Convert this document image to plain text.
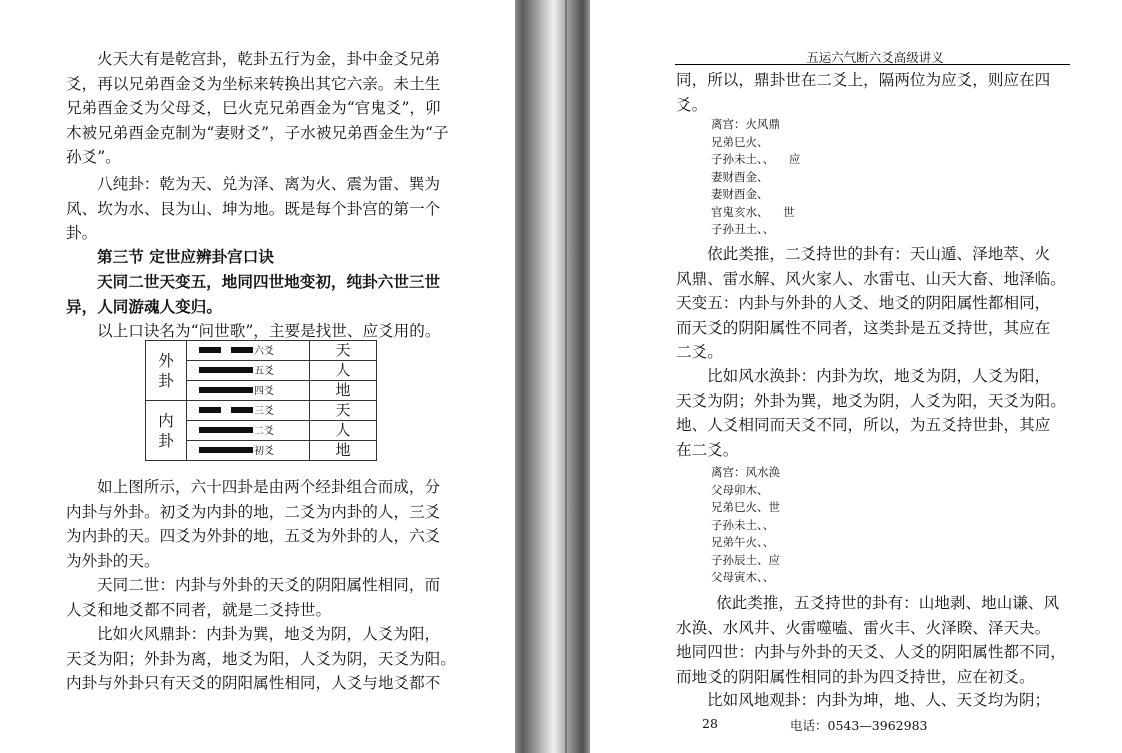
火天大有是乾宫卦，乾卦五行为金，卦中金爻兄弟
爻，再以兄弟酉金爻为坐标来转换出其它六亲。未土生
兄弟酉金爻为父母爻，巳火克兄弟酉金为“官鬼爻”，卯
木被兄弟酉金克制为“妻财爻”，子水被兄弟酉金生为“子
孙爻”。
八纯卦：乾为天、兑为泽、离为火、震为雷、巽为
风、坎为水、艮为山、坤为地。既是每个卦宫的第一个
卦。
第三节 定世应辨卦宫口诀
天同二世天变五，地同四世地变初，纯卦六世三世
异，人同游魂人变归。
以上口诀名为“问世歌”，主要是找世、应爻用的。
外
卦	六爻	天

五爻	人

四爻	地

内
卦	三爻	天

二爻	人

初爻	地
如上图所示，六十四卦是由两个经卦组合而成，分
内卦与外卦。初爻为内卦的地，二爻为内卦的人，三爻
为内卦的天。四爻为外卦的地，五爻为外卦的人，六爻
为外卦的天。
天同二世：内卦与外卦的天爻的阴阳属性相同，而
人爻和地爻都不同者，就是二爻持世。
比如火风鼎卦：内卦为巽，地爻为阴，人爻为阳，
天爻为阳；外卦为离，地爻为阳，人爻为阴，天爻为阳。
内卦与外卦只有天爻的阴阳属性相同，人爻与地爻都不
五运六气断六爻高级讲义
同，所以，鼎卦世在二爻上，隔两位为应爻，则应在四
爻。
离宫：火风鼎
兄弟巳火、
子孙未土、、    应
妻财酉金、
妻财酉金、
官鬼亥水、    世
子孙丑土、、
依此类推，二爻持世的卦有：天山遁、泽地萃、火
风鼎、雷水解、风火家人、水雷屯、山天大畜、地泽临。
天变五：内卦与外卦的人爻、地爻的阴阳属性都相同，
而天爻的阴阳属性不同者，这类卦是五爻持世，其应在
二爻。
比如风水涣卦：内卦为坎，地爻为阴，人爻为阳，
天爻为阴；外卦为巽，地爻为阴，人爻为阳，天爻为阳。
地、人爻相同而天爻不同，所以，为五爻持世卦，其应
在二爻。
离宫：风水涣
父母卯木、
兄弟巳火、世
子孙未土、、
兄弟午火、、
子孙辰土、应
父母寅木、、
依此类推，五爻持世的卦有：山地剥、地山谦、风
水涣、水风井、火雷噬嗑、雷火丰、火泽睽、泽天夬。
地同四世：内卦与外卦的天爻、人爻的阴阳属性都不同，
而地爻的阴阳属性相同的卦为四爻持世，应在初爻。
比如风地观卦：内卦为坤，地、人、天爻均为阴；
28	电话：0543—3962983
